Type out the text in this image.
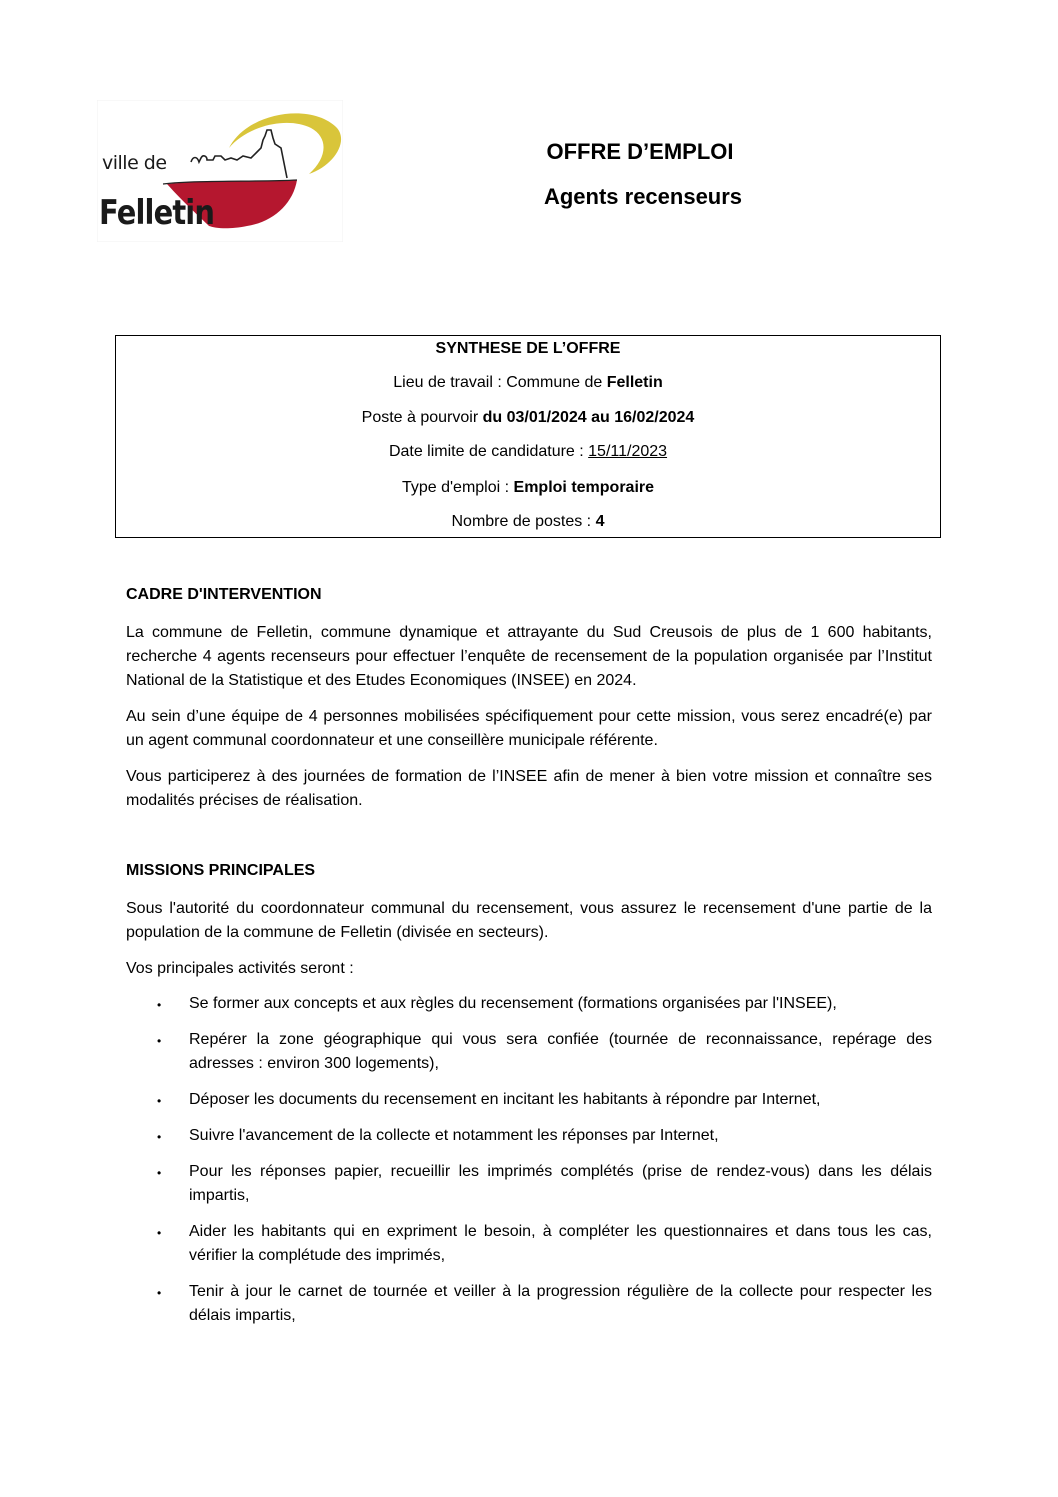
ville de
Felletin
OFFRE D’EMPLOI
Agents recenseurs
SYNTHESE DE L’OFFRE
Lieu de travail : Commune de Felletin
Poste à pourvoir du 03/01/2024 au 16/02/2024
Date limite de candidature : 15/11/2023
Type d'emploi : Emploi temporaire
Nombre de postes : 4
CADRE D'INTERVENTION
La commune de Felletin, commune dynamique et attrayante du Sud Creusois de plus de 1 600 habitants, recherche 4 agents recenseurs pour effectuer l’enquête de recensement de la population organisée par l’Institut National de la Statistique et des Etudes Economiques (INSEE) en 2024.
Au sein d’une équipe de 4 personnes mobilisées spécifiquement pour cette mission, vous serez encadré(e) par un agent communal coordonnateur et une conseillère municipale référente.
Vous participerez à des journées de formation de l’INSEE afin de mener à bien votre mission et connaître ses modalités précises de réalisation.
MISSIONS PRINCIPALES
Sous l'autorité du coordonnateur communal du recensement, vous assurez le recensement d'une partie de la population de la commune de Felletin (divisée en secteurs).
Vos principales activités seront :
• Se former aux concepts et aux règles du recensement (formations organisées par l'INSEE),
• Repérer la zone géographique qui vous sera confiée (tournée de reconnaissance, repérage des adresses : environ 300 logements),
• Déposer les documents du recensement en incitant les habitants à répondre par Internet,
• Suivre l'avancement de la collecte et notamment les réponses par Internet,
• Pour les réponses papier, recueillir les imprimés complétés (prise de rendez-vous) dans les délais impartis,
• Aider les habitants qui en expriment le besoin, à compléter les questionnaires et dans tous les cas, vérifier la complétude des imprimés,
• Tenir à jour le carnet de tournée et veiller à la progression régulière de la collecte pour respecter les délais impartis,
